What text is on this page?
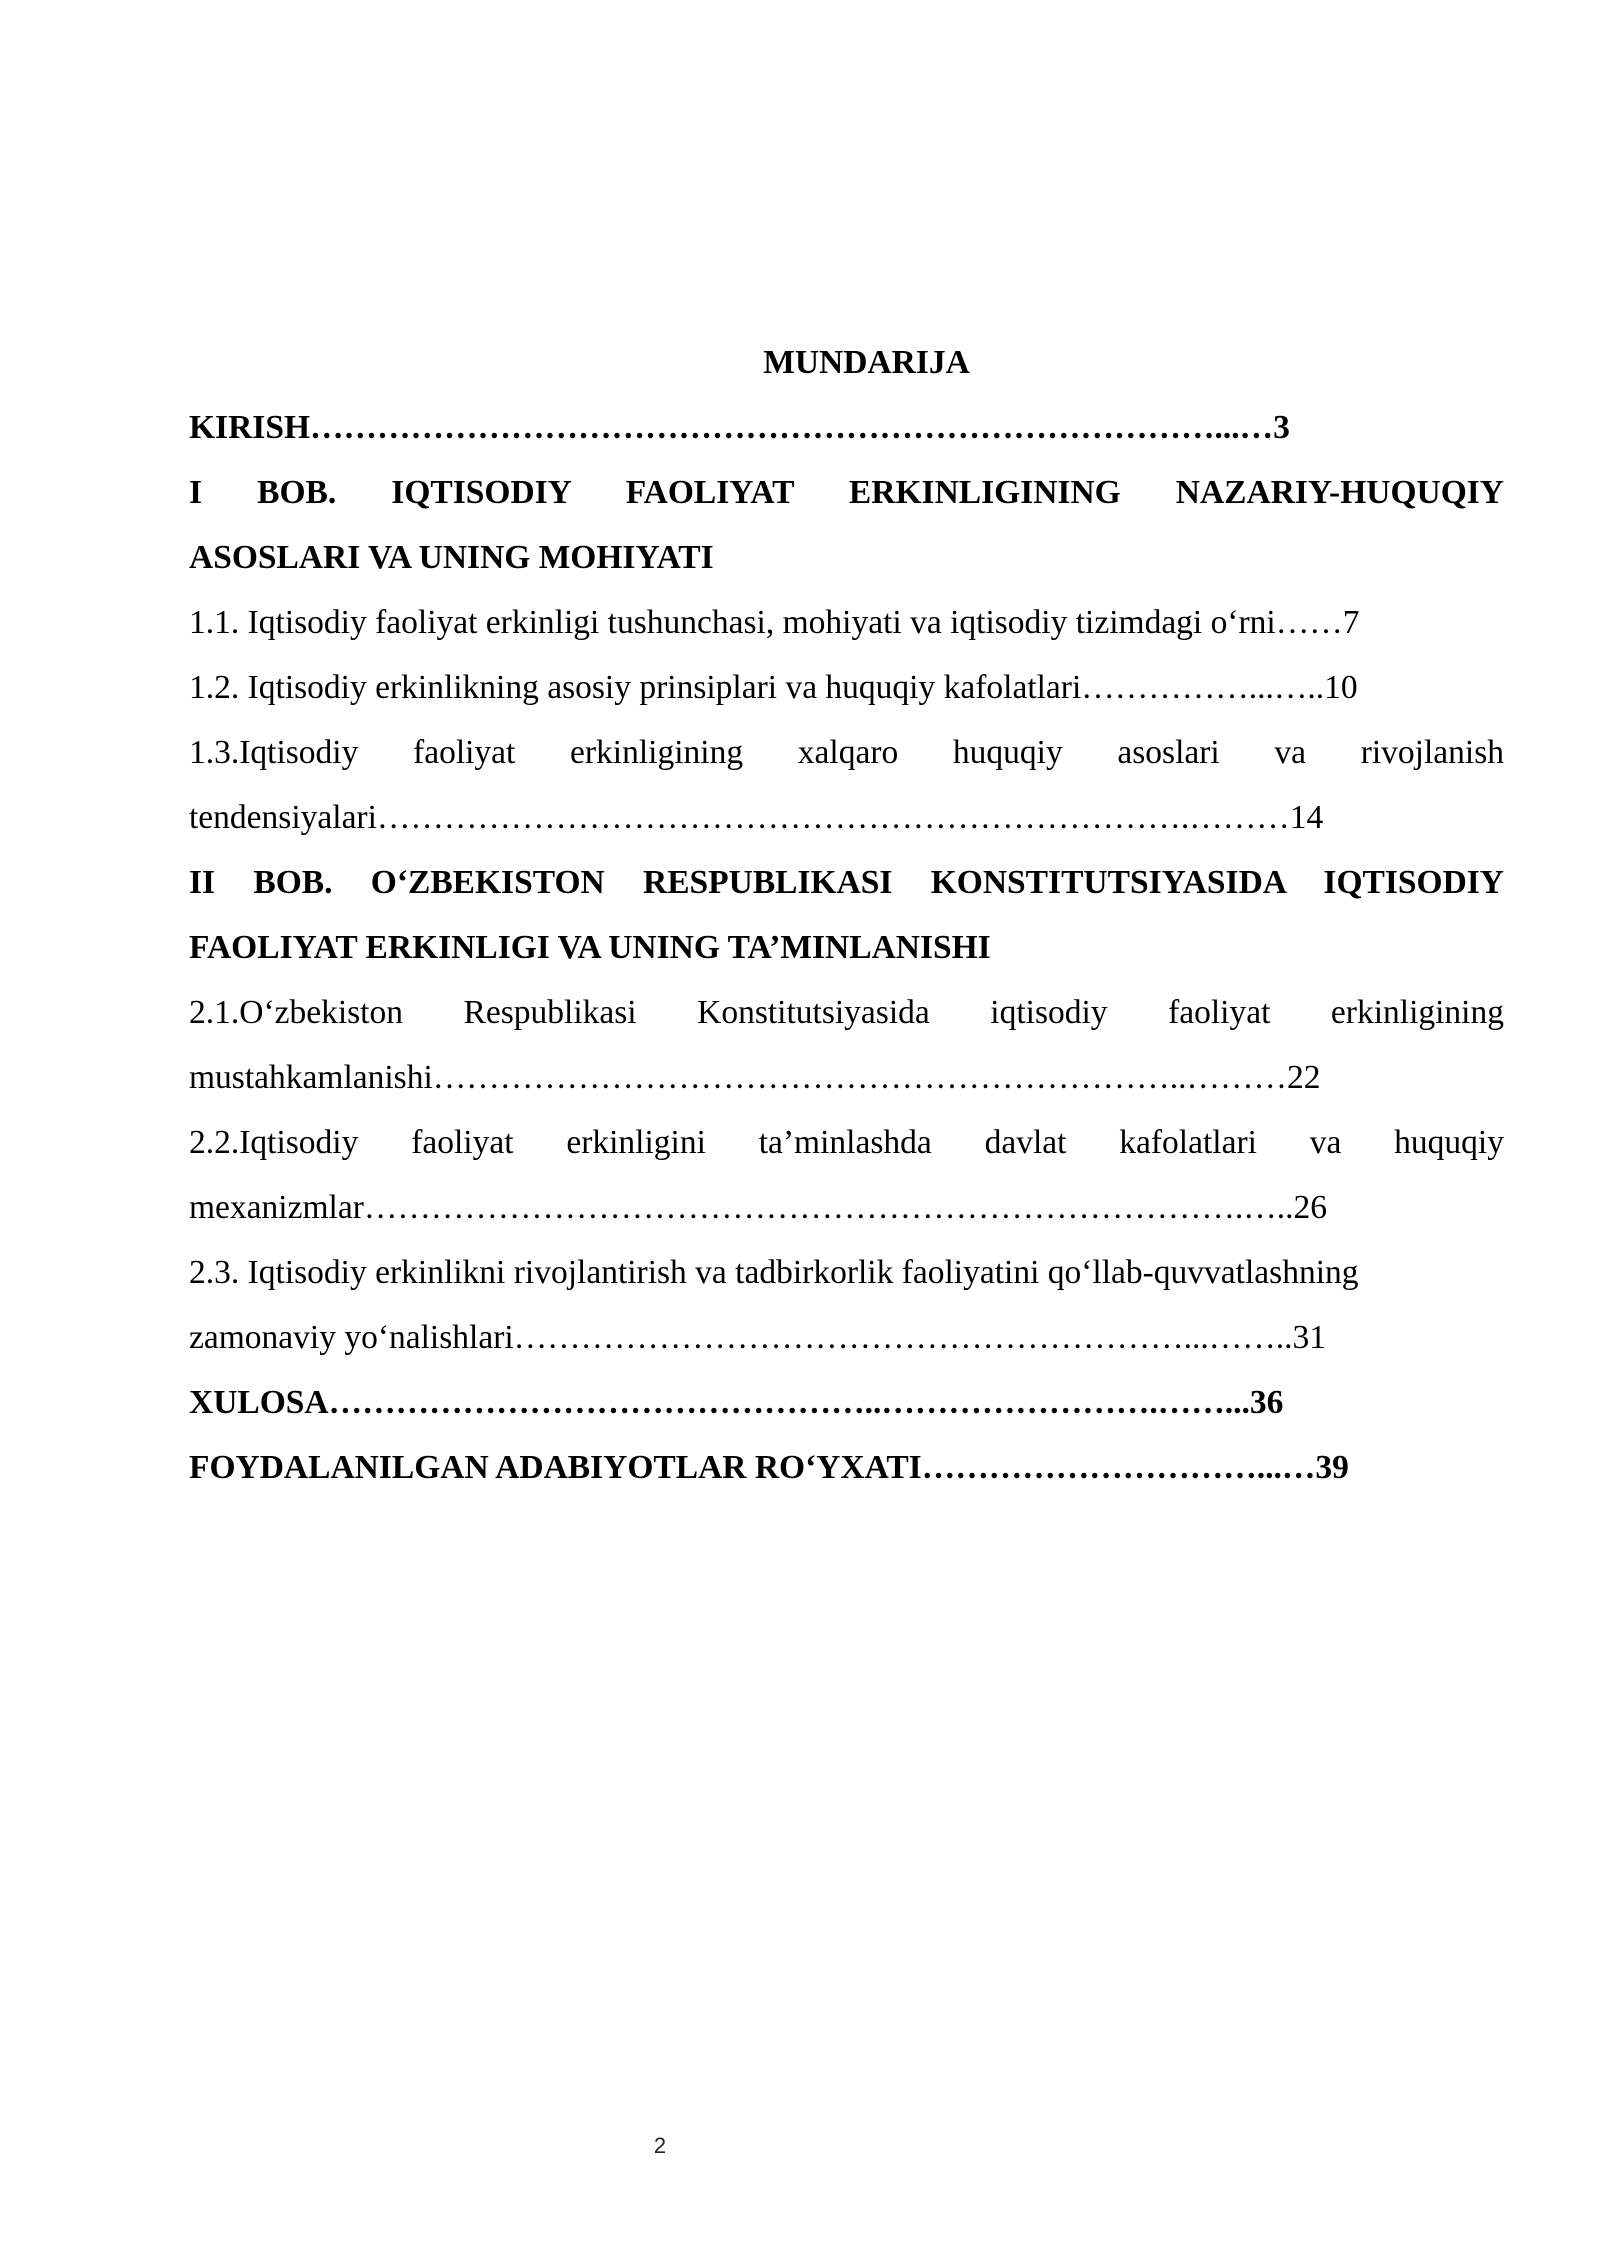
MUNDARIJA
KIRISH………………………………………………………………………...…3
I BOB. IQTISODIY FAOLIYAT ERKINLIGINING NAZARIY-HUQUQIY
ASOSLARI VA UNING MOHIYATI
1.1. Iqtisodiy faoliyat erkinligi tushunchasi, mohiyati va iqtisodiy tizimdagi o‘rni……7
1.2. Iqtisodiy erkinlikning asosiy prinsiplari va huquqiy kafolatlari……………...…..10
1.3.Iqtisodiy faoliyat erkinligining xalqaro huquqiy asoslari va rivojlanish
tendensiyalari……………………………………………………………….………14
II BOB. O‘ZBEKISTON RESPUBLIKASI KONSTITUTSIYASIDA IQTISODIY
FAOLIYAT ERKINLIGI VA UNING TA’MINLANISHI
2.1.O‘zbekiston Respublikasi Konstitutsiyasida iqtisodiy faoliyat erkinligining
mustahkamlanishi…………………………………………………………..………22
2.2.Iqtisodiy faoliyat erkinligini ta’minlashda davlat kafolatlari va huquqiy
mexanizmlar…………………………………………………………………….…..26
2.3. Iqtisodiy erkinlikni rivojlantirish va tadbirkorlik faoliyatini qo‘llab-quvvatlashning
zamonaviy yo‘nalishlari……………………………………………………...……..31
XULOSA…………………………………………..…………………….……...36
FOYDALANILGAN ADABIYOTLAR RO‘YXATI…………………………...…39
2
